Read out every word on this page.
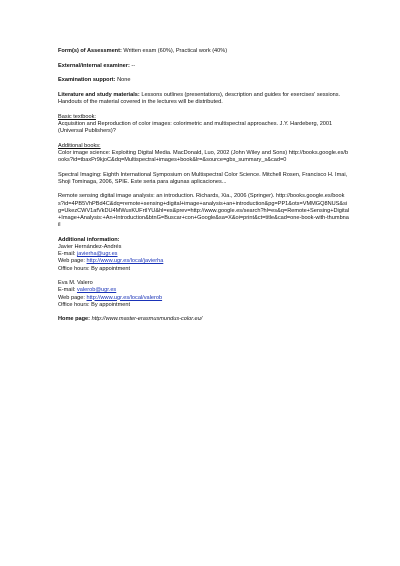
Form(s) of Assessment: Written exam (60%), Practical work (40%)

External/internal examiner: --

Examination support: None

Literature and study materials: Lessons outlines (presentations), description and guides for exercises' sessions. Handouts of the material covered in the lectures will be distributed.

Basic textbook:

Acquisition and Reproduction of color images: colorimetric and multispectral approaches. J.Y. Hardeberg, 2001 (Universal Publishers)?

Additional books:

Color image science: Exploiting Digital Media. MacDonald, Luo, 2002 (John Wiley and Sons) http://books.google.es/books?id=tbaxPr9kjoC&dq=Multispectral+images+book&lr=&source=gbs_summary_s&cad=0

Spectral Imaging: Eighth International Symposium on Multispectral Color Science. Mitchell Rosen, Francisco H. Imai, Shoji Tominaga, 2006, SPIE. Este seria para algunas aplicaciones...

Remote sensing digital image analysis: an introduction. Richards, Xia., 2006 (Springer). http://books.google.es/books?id=4PB5VhPBd4C&dq=remote+sensing+digital+image+analysis+an+introduction&pg=PP1&ots=VMMGQ8NUS&sig=UkezCWV1afVkDU4MWuxKUFrtIYU&hl=es&prev=http://www.google.es/search?hl=es&q=Remote+Sensing+Digital+Image+Analysis:+An+Introduction&btnG=Buscar+con+Google&sa=X&oi=print&ct=title&cad=one-book-with-thumbnail

Additional information:

Javier Hernández-Andrés
E-mail: javierha@ugr.es
Web page: http://www.ugr.es/local/javierha
Office hours: By appointment
Eva M. Valero
E-mail: valerob@ugr.es
Web page: http://www.ugr.es/local/valerob
Office hours: By appointment

Home page: http://www.master-erasmusmundus-color.eu/
